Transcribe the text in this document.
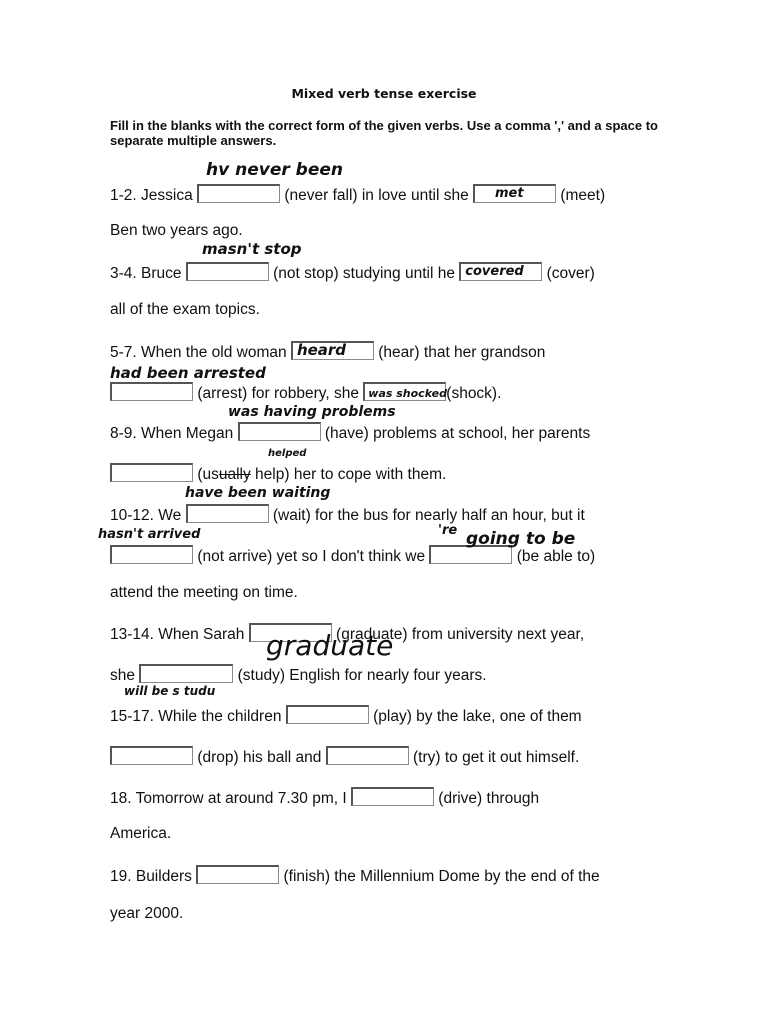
Mixed verb tense exercise
Fill in the blanks with the correct form of the given verbs. Use a comma ',' and a space to separate multiple answers.
1-2. Jessica	(never fall) in love until she met (meet)
hv never been
Ben two years ago.
3-4. Bruce	(not stop) studying until he covered (cover)
masn't stop
all of the exam topics.
5-7. When the old woman heard (hear) that her grandson
(arrest) for robbery, she was shocked (shock).
had been arrested
8-9. When Megan	(have) problems at school, her parents
was having problems
(usually help) her to cope with them.
helped
10-12. We	(wait) for the bus for nearly half an hour, but it
have been waiting
(not arrive) yet so I don't think we	(be able to)
hasn't arrived	're going to be
attend the meeting on time.
13-14. When Sarah	(graduate) from university next year,
graduate
she	(study) English for nearly four years.
will be s tudu
15-17. While the children	(play) by the lake, one of them
(drop) his ball and	(try) to get it out himself.
18. Tomorrow at around 7.30 pm, I	(drive) through
America.
19. Builders	(finish) the Millennium Dome by the end of the
year 2000.
